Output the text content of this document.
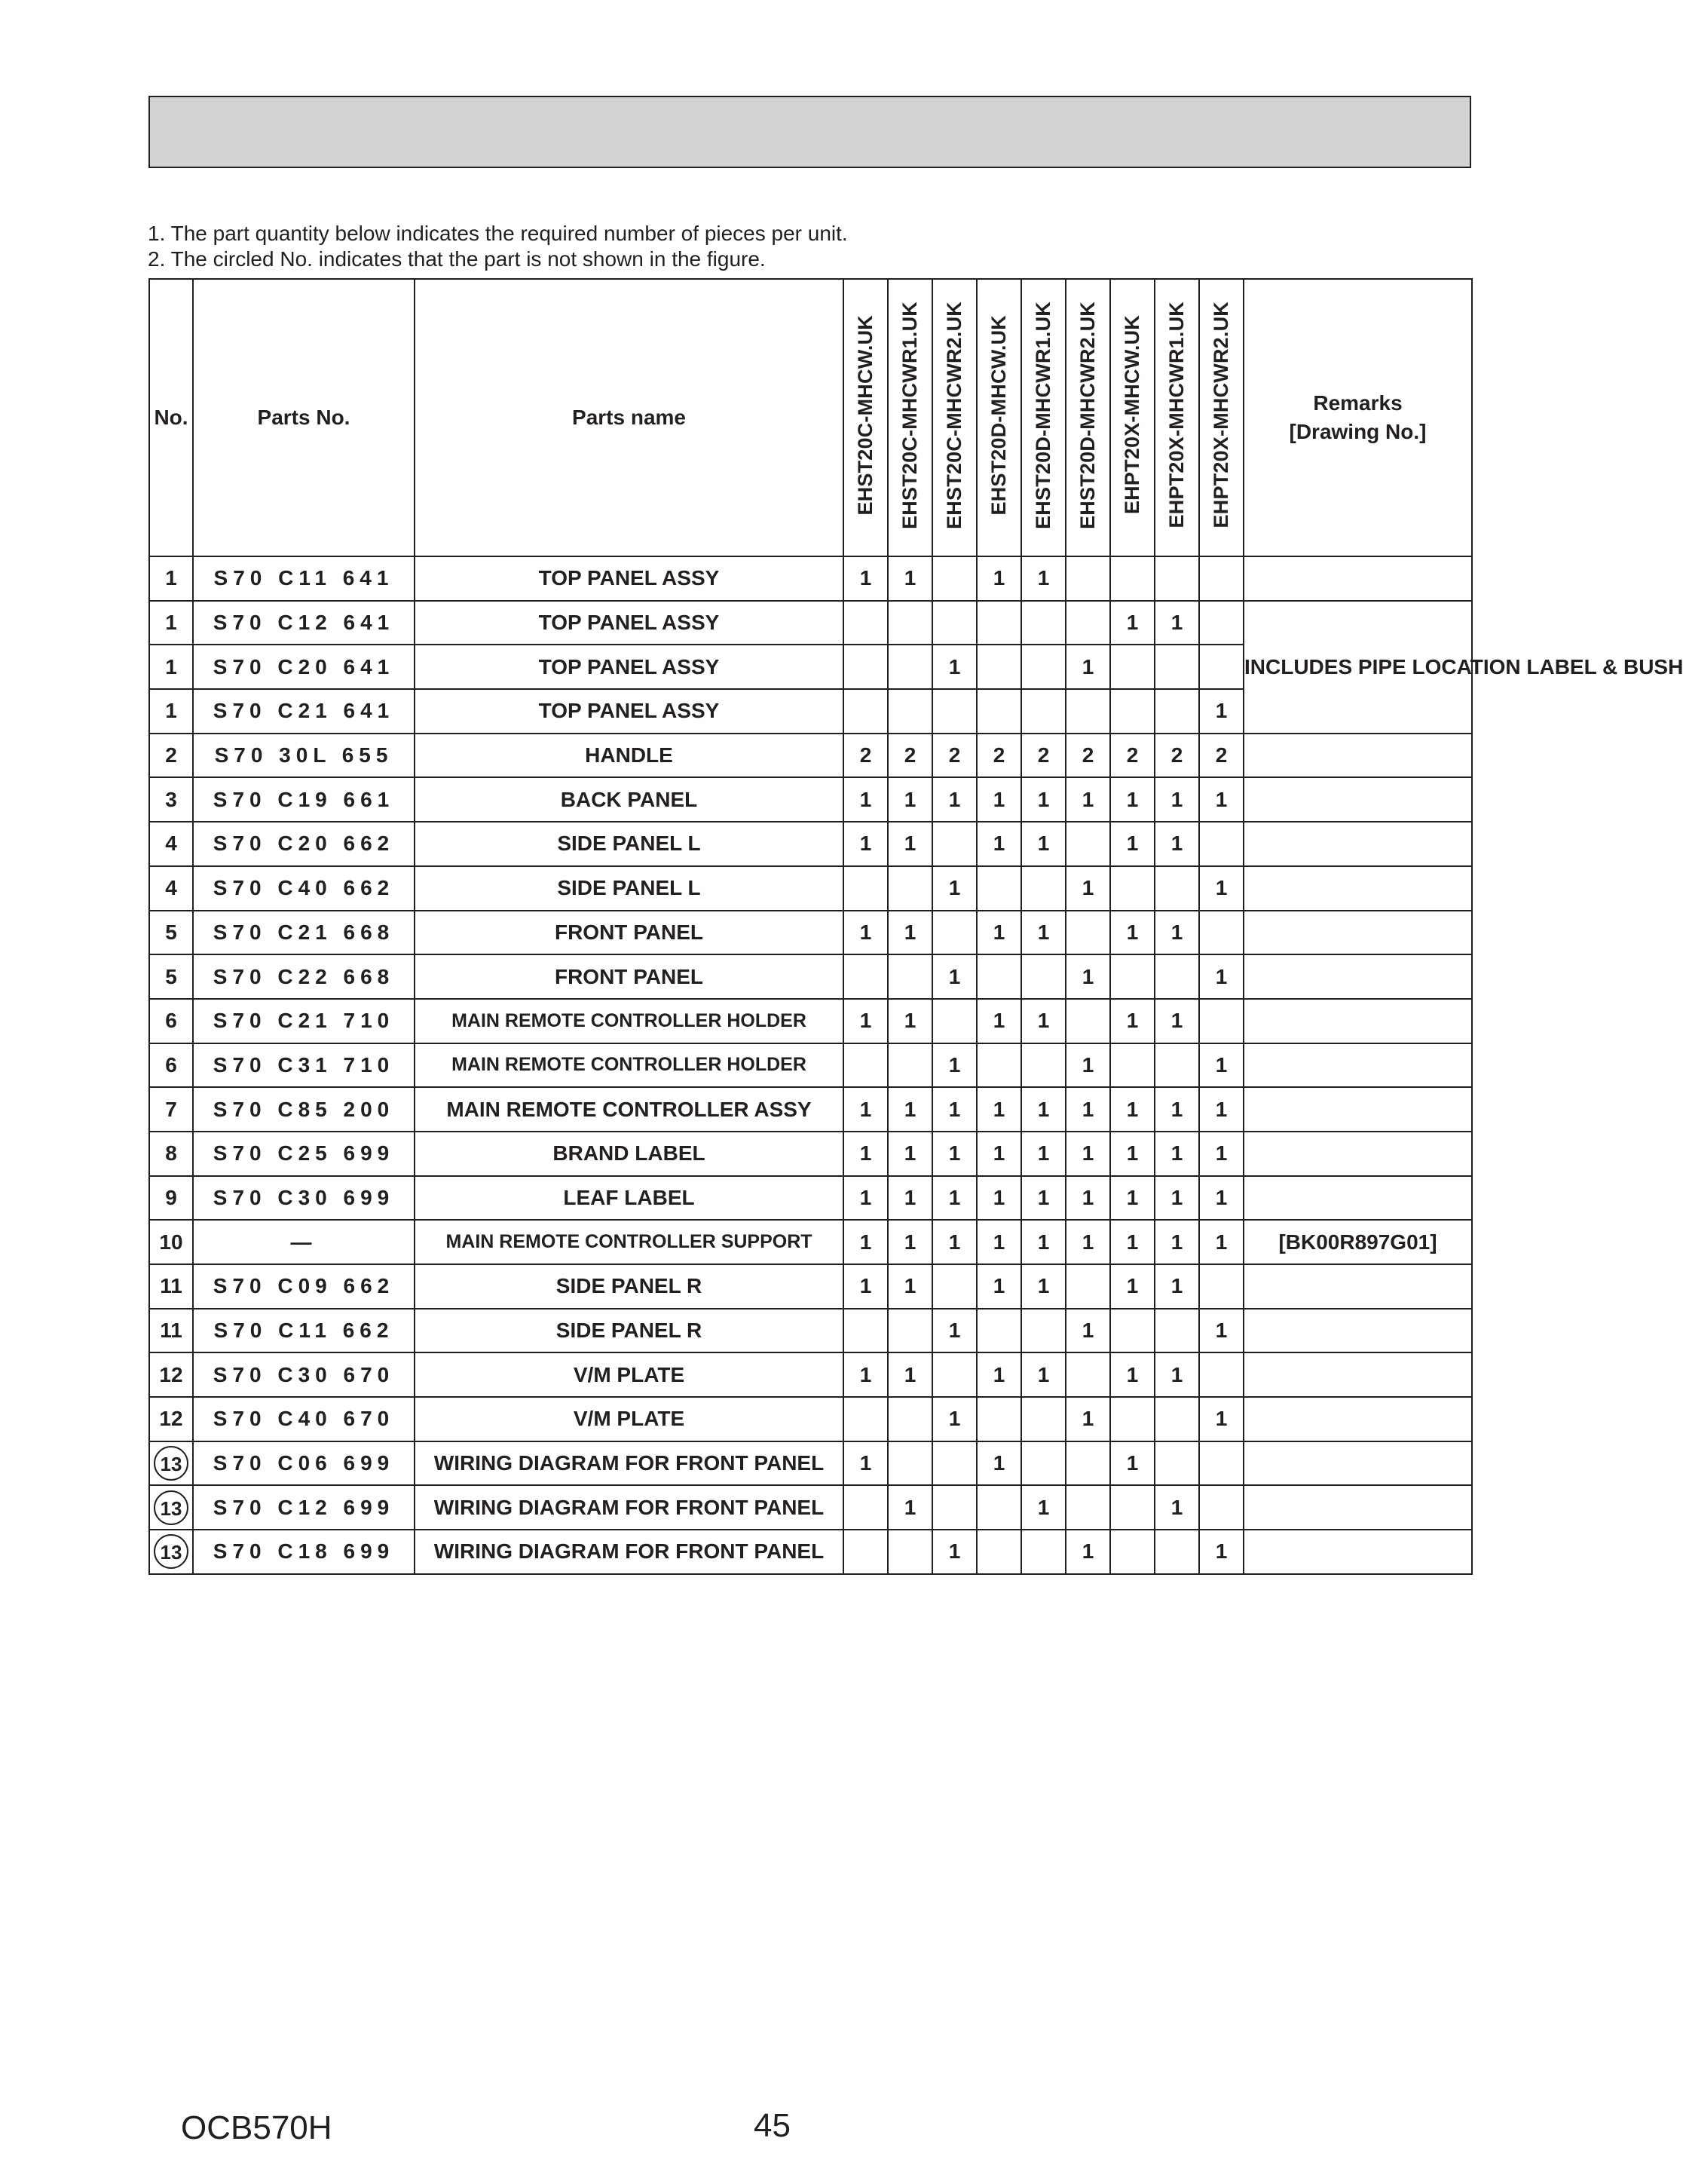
1. The part quantity below indicates the required number of pieces per unit.
2. The circled No. indicates that the part is not shown in the figure.
No.	Parts No.	Parts name	EHST20C-MHCW.UK	EHST20C-MHCWR1.UK	EHST20C-MHCWR2.UK	EHST20D-MHCW.UK	EHST20D-MHCWR1.UK	EHST20D-MHCWR2.UK	EHPT20X-MHCW.UK	EHPT20X-MHCWR1.UK	EHPT20X-MHCWR2.UK	Remarks
[Drawing No.]

1	S70 C11 641	TOP PANEL ASSY	1	1		1	1					
1	S70 C12 641	TOP PANEL ASSY							1	1		INCLUDES PIPE LOCATION LABEL & BUSH
1	S70 C20 641	TOP PANEL ASSY			1			1				
1	S70 C21 641	TOP PANEL ASSY									1	
2	S70 30L 655	HANDLE	2	2	2	2	2	2	2	2	2	
3	S70 C19 661	BACK PANEL	1	1	1	1	1	1	1	1	1	
4	S70 C20 662	SIDE PANEL L	1	1		1	1		1	1		
4	S70 C40 662	SIDE PANEL L			1			1			1	
5	S70 C21 668	FRONT PANEL	1	1		1	1		1	1		
5	S70 C22 668	FRONT PANEL			1			1			1	
6	S70 C21 710	MAIN REMOTE CONTROLLER HOLDER	1	1		1	1		1	1		
6	S70 C31 710	MAIN REMOTE CONTROLLER HOLDER			1			1			1	
7	S70 C85 200	MAIN REMOTE CONTROLLER ASSY	1	1	1	1	1	1	1	1	1	
8	S70 C25 699	BRAND LABEL	1	1	1	1	1	1	1	1	1	
9	S70 C30 699	LEAF LABEL	1	1	1	1	1	1	1	1	1	
10	—	MAIN REMOTE CONTROLLER SUPPORT	1	1	1	1	1	1	1	1	1	[BK00R897G01]
11	S70 C09 662	SIDE PANEL R	1	1		1	1		1	1		
11	S70 C11 662	SIDE PANEL R			1			1			1	
12	S70 C30 670	V/M PLATE	1	1		1	1		1	1		
12	S70 C40 670	V/M PLATE			1			1			1	
13	S70 C06 699	WIRING DIAGRAM FOR FRONT PANEL	1			1			1			
13	S70 C12 699	WIRING DIAGRAM FOR FRONT PANEL		1			1			1		
13	S70 C18 699	WIRING DIAGRAM FOR FRONT PANEL			1			1			1	
OCB570H	45
